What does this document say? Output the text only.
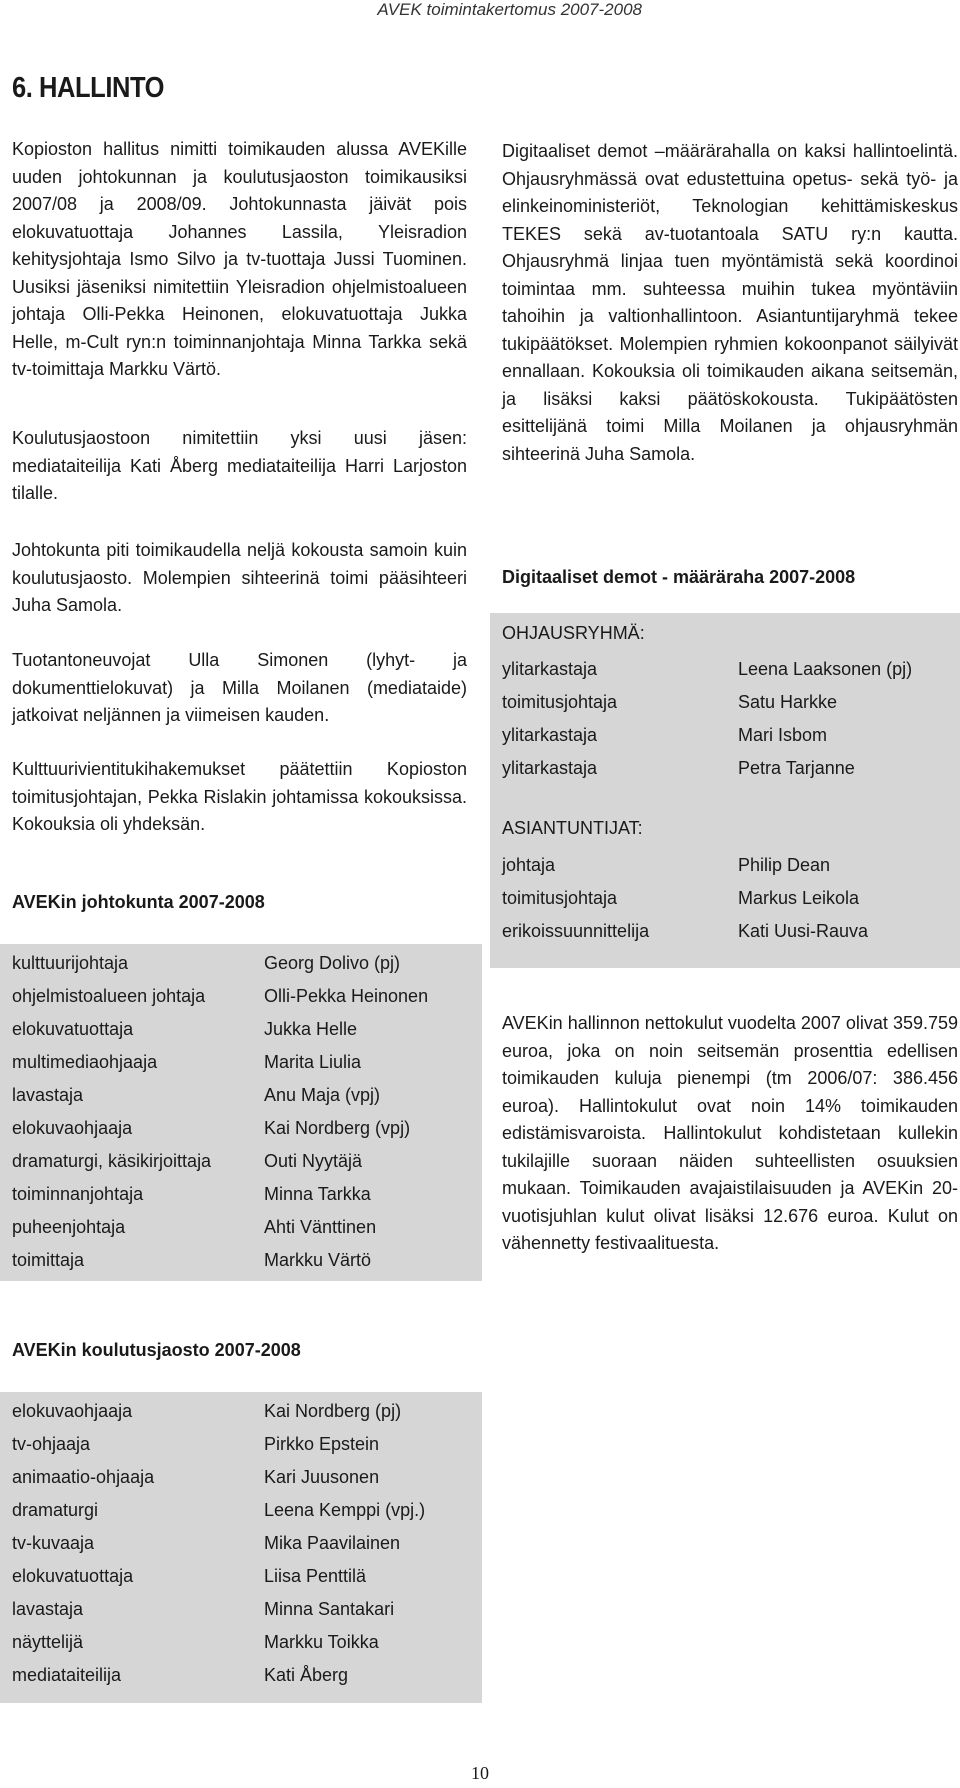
AVEK toimintakertomus 2007-2008
6. HALLINTO

Kopioston hallitus nimitti toimikauden alussa AVEKille uuden johtokunnan ja koulutusjaoston toimikausiksi 2007/08 ja 2008/09. Johtokunnasta jäivät pois elokuvatuottaja Johannes Lassila, Yleisradion kehitysjohtaja Ismo Silvo ja tv-tuottaja Jussi Tuominen. Uusiksi jäseniksi nimitettiin Yleisradion ohjelmistoalueen johtaja Olli-Pekka Heinonen, elokuvatuottaja Jukka Helle, m-Cult ryn:n toiminnanjohtaja Minna Tarkka sekä tv-toimittaja Markku Värtö.

Koulutusjaostoon nimitettiin yksi uusi jäsen: mediataiteilija Kati Åberg mediataiteilija Harri Larjoston tilalle.

Johtokunta piti toimikaudella neljä kokousta samoin kuin koulutusjaosto. Molempien sihteerinä toimi pääsihteeri Juha Samola.

Tuotantoneuvojat Ulla Simonen (lyhyt- ja dokumenttielokuvat) ja Milla Moilanen (mediataide) jatkoivat neljännen ja viimeisen kauden.

Kulttuurivientitukihakemukset päätettiin Kopioston toimitusjohtajan, Pekka Rislakin johtamissa kokouksissa. Kokouksia oli yhdeksän.

AVEKin johtokunta 2007-2008
kulttuurijohtaja	Georg Dolivo (pj)
ohjelmistoalueen johtaja	Olli-Pekka Heinonen
elokuvatuottaja	Jukka Helle
multimediaohjaaja	Marita Liulia
lavastaja	Anu Maja (vpj)
elokuvaohjaaja	Kai Nordberg (vpj)
dramaturgi, käsikirjoittaja	Outi Nyytäjä
toiminnanjohtaja	Minna Tarkka
puheenjohtaja	Ahti Vänttinen
toimittaja	Markku Värtö
AVEKin koulutusjaosto 2007-2008
elokuvaohjaaja	Kai Nordberg (pj)
tv-ohjaaja	Pirkko Epstein
animaatio-ohjaaja	Kari Juusonen
dramaturgi	Leena Kemppi (vpj.)
tv-kuvaaja	Mika Paavilainen
elokuvatuottaja	Liisa Penttilä
lavastaja	Minna Santakari
näyttelijä	Markku Toikka
mediataiteilija	Kati Åberg

Digitaaliset demot –määrärahalla on kaksi hallintoelintä. Ohjausryhmässä ovat edustettuina opetus- sekä työ- ja elinkeinoministeriöt, Teknologian kehittämiskeskus TEKES sekä av-tuotantoala SATU ry:n kautta. Ohjausryhmä linjaa tuen myöntämistä sekä koordinoi toimintaa mm. suhteessa muihin tukea myöntäviin tahoihin ja valtionhallintoon. Asiantuntijaryhmä tekee tukipäätökset. Molempien ryhmien kokoonpanot säilyivät ennallaan. Kokouksia oli toimikauden aikana seitsemän, ja lisäksi kaksi päätöskokousta. Tukipäätösten esittelijänä toimi Milla Moilanen ja ohjausryhmän sihteerinä Juha Samola.

Digitaaliset demot - määräraha 2007-2008
OHJAUSRYHMÄ:
ylitarkastaja	Leena Laaksonen (pj)
toimitusjohtaja	Satu Harkke
ylitarkastaja	Mari Isbom
ylitarkastaja	Petra Tarjanne
ASIANTUNTIJAT:
johtaja	Philip Dean
toimitusjohtaja	Markus Leikola
erikoissuunnittelija	Kati Uusi-Rauva

AVEKin hallinnon nettokulut vuodelta 2007 olivat 359.759 euroa, joka on noin seitsemän prosenttia edellisen toimikauden kuluja pienempi (tm 2006/07: 386.456 euroa). Hallintokulut ovat noin 14% toimikauden edistämisvaroista. Hallintokulut kohdistetaan kullekin tukilajille suoraan näiden suhteellisten osuuksien mukaan. Toimikauden avajaistilaisuuden ja AVEKin 20-vuotisjuhlan kulut olivat lisäksi 12.676 euroa. Kulut on vähennetty festivaalituesta.

10
